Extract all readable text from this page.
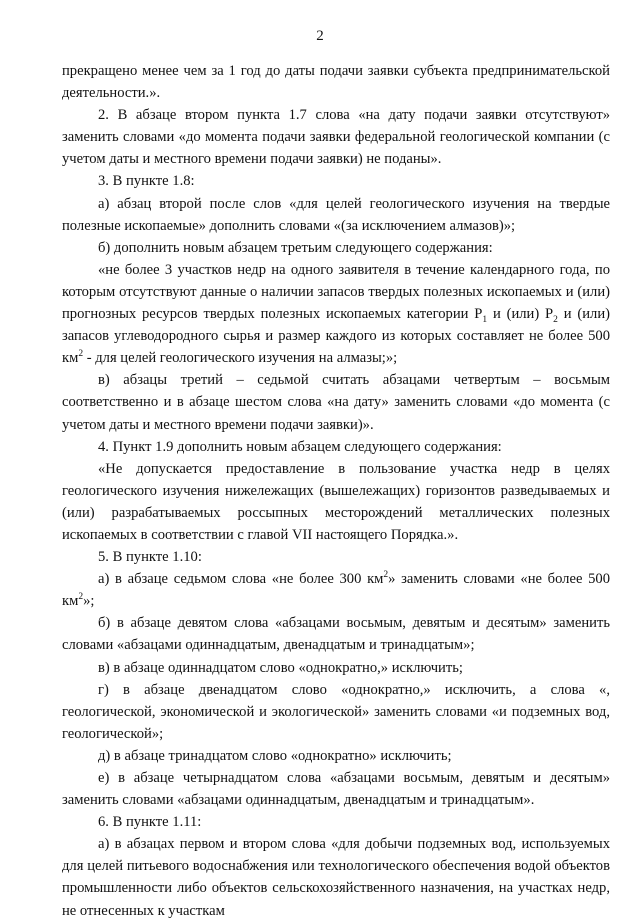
2

прекращено менее чем за 1 год до даты подачи заявки субъекта предпринимательской деятельности.».

2. В абзаце втором пункта 1.7 слова «на дату подачи заявки отсутствуют» заменить словами «до момента подачи заявки федеральной геологической компании (с учетом даты и местного времени подачи заявки) не поданы».

3. В пункте 1.8:

а) абзац второй после слов «для целей геологического изучения на твердые полезные ископаемые» дополнить словами «(за исключением алмазов)»;

б) дополнить новым абзацем третьим следующего содержания:

«не более 3 участков недр на одного заявителя в течение календарного года, по которым отсутствуют данные о наличии запасов твердых полезных ископаемых и (или) прогнозных ресурсов твердых полезных ископаемых категории $P_1$ и (или) $P_2$ и (или) запасов углеводородного сырья и размер каждого из которых составляет не более 500 $км^2$ - для целей геологического изучения на алмазы;»;

в) абзацы третий – седьмой считать абзацами четвертым – восьмым соответственно и в абзаце шестом слова «на дату» заменить словами «до момента (с учетом даты и местного времени подачи заявки)».

4. Пункт 1.9 дополнить новым абзацем следующего содержания:

«Не допускается предоставление в пользование участка недр в целях геологического изучения нижележащих (вышележащих) горизонтов разведываемых и (или) разрабатываемых россыпных месторождений металлических полезных ископаемых в соответствии с главой VII настоящего Порядка.».

5. В пункте 1.10:

а) в абзаце седьмом слова «не более 300 $км^2$» заменить словами «не более 500 $км^2$»;

б) в абзаце девятом слова «абзацами восьмым, девятым и десятым» заменить словами «абзацами одиннадцатым, двенадцатым и тринадцатым»;

в) в абзаце одиннадцатом слово «однократно,» исключить;

г) в абзаце двенадцатом слово «однократно,» исключить, а слова «, геологической, экономической и экологической» заменить словами «и подземных вод, геологической»;

д) в абзаце тринадцатом слово «однократно» исключить;

е) в абзаце четырнадцатом слова «абзацами восьмым, девятым и десятым» заменить словами «абзацами одиннадцатым, двенадцатым и тринадцатым».

6. В пункте 1.11:

а) в абзацах первом и втором слова «для добычи подземных вод, используемых для целей питьевого водоснабжения или технологического обеспечения водой объектов промышленности либо объектов сельскохозяйственного назначения, на участках недр, не отнесенных к участкам
